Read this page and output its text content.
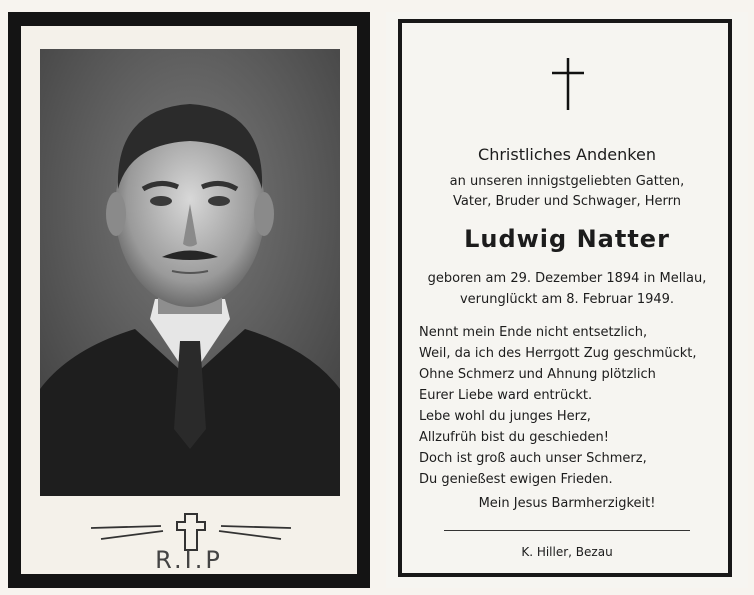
R.I.P
Christliches Andenken
an unseren innigstgeliebten Gatten,
Vater, Bruder und Schwager, Herrn
Ludwig Natter
geboren am 29. Dezember 1894 in Mellau,
verunglückt am 8. Februar 1949.
Nennt mein Ende nicht entsetzlich,
Weil, da ich des Herrgott Zug geschmückt,
Ohne Schmerz und Ahnung plötzlich
Eurer Liebe ward entrückt.
Lebe wohl du junges Herz,
Allzufrüh bist du geschieden!
Doch ist groß auch unser Schmerz,
Du genießest ewigen Frieden.
Mein Jesus Barmherzigkeit!
K. Hiller, Bezau
